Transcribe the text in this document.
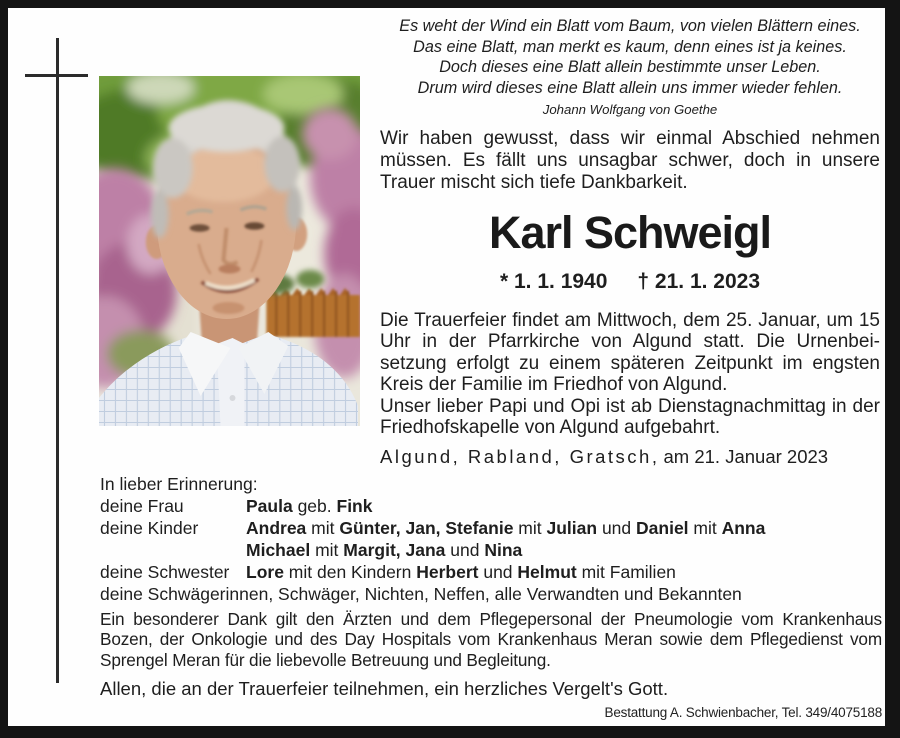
Es weht der Wind ein Blatt vom Baum, von vielen Blättern eines.
Das eine Blatt, man merkt es kaum, denn eines ist ja keines.
Doch dieses eine Blatt allein bestimmte unser Leben.
Drum wird dieses eine Blatt allein uns immer wieder fehlen.
Johann Wolfgang von Goethe

Wir haben gewusst, dass wir einmal Abschied nehmen müssen. Es fällt uns unsagbar schwer, doch in unsere Trauer mischt sich tiefe Dankbarkeit.

Karl Schweigl
* 1. 1. 1940 † 21. 1. 2023

Die Trauerfeier findet am Mittwoch, dem 25. Januar, um 15 Uhr in der Pfarrkirche von Algund statt. Die Urnenbeisetzung erfolgt zu einem späteren Zeitpunkt im engsten Kreis der Familie im Friedhof von Algund.

Unser lieber Papi und Opi ist ab Dienstagnachmittag in der Friedhofskapelle von Algund aufgebahrt.

Algund, Rabland, Gratsch, am 21. Januar 2023
In lieber Erinnerung:
deine Frau	Paula geb. Fink
deine Kinder	Andrea mit Günter, Jan, Stefanie mit Julian und Daniel mit Anna
Michael mit Margit, Jana und Nina
deine Schwester Lore mit den Kindern Herbert und Helmut mit Familien
deine Schwägerinnen, Schwäger, Nichten, Neffen, alle Verwandten und Bekannten

Ein besonderer Dank gilt den Ärzten und dem Pflegepersonal der Pneumologie vom Krankenhaus Bozen, der Onkologie und des Day Hospitals vom Krankenhaus Meran sowie dem Pflegedienst vom Sprengel Meran für die liebevolle Betreuung und Begleitung.

Allen, die an der Trauerfeier teilnehmen, ein herzliches Vergelt's Gott.

Bestattung A. Schwienbacher, Tel. 349/4075188
